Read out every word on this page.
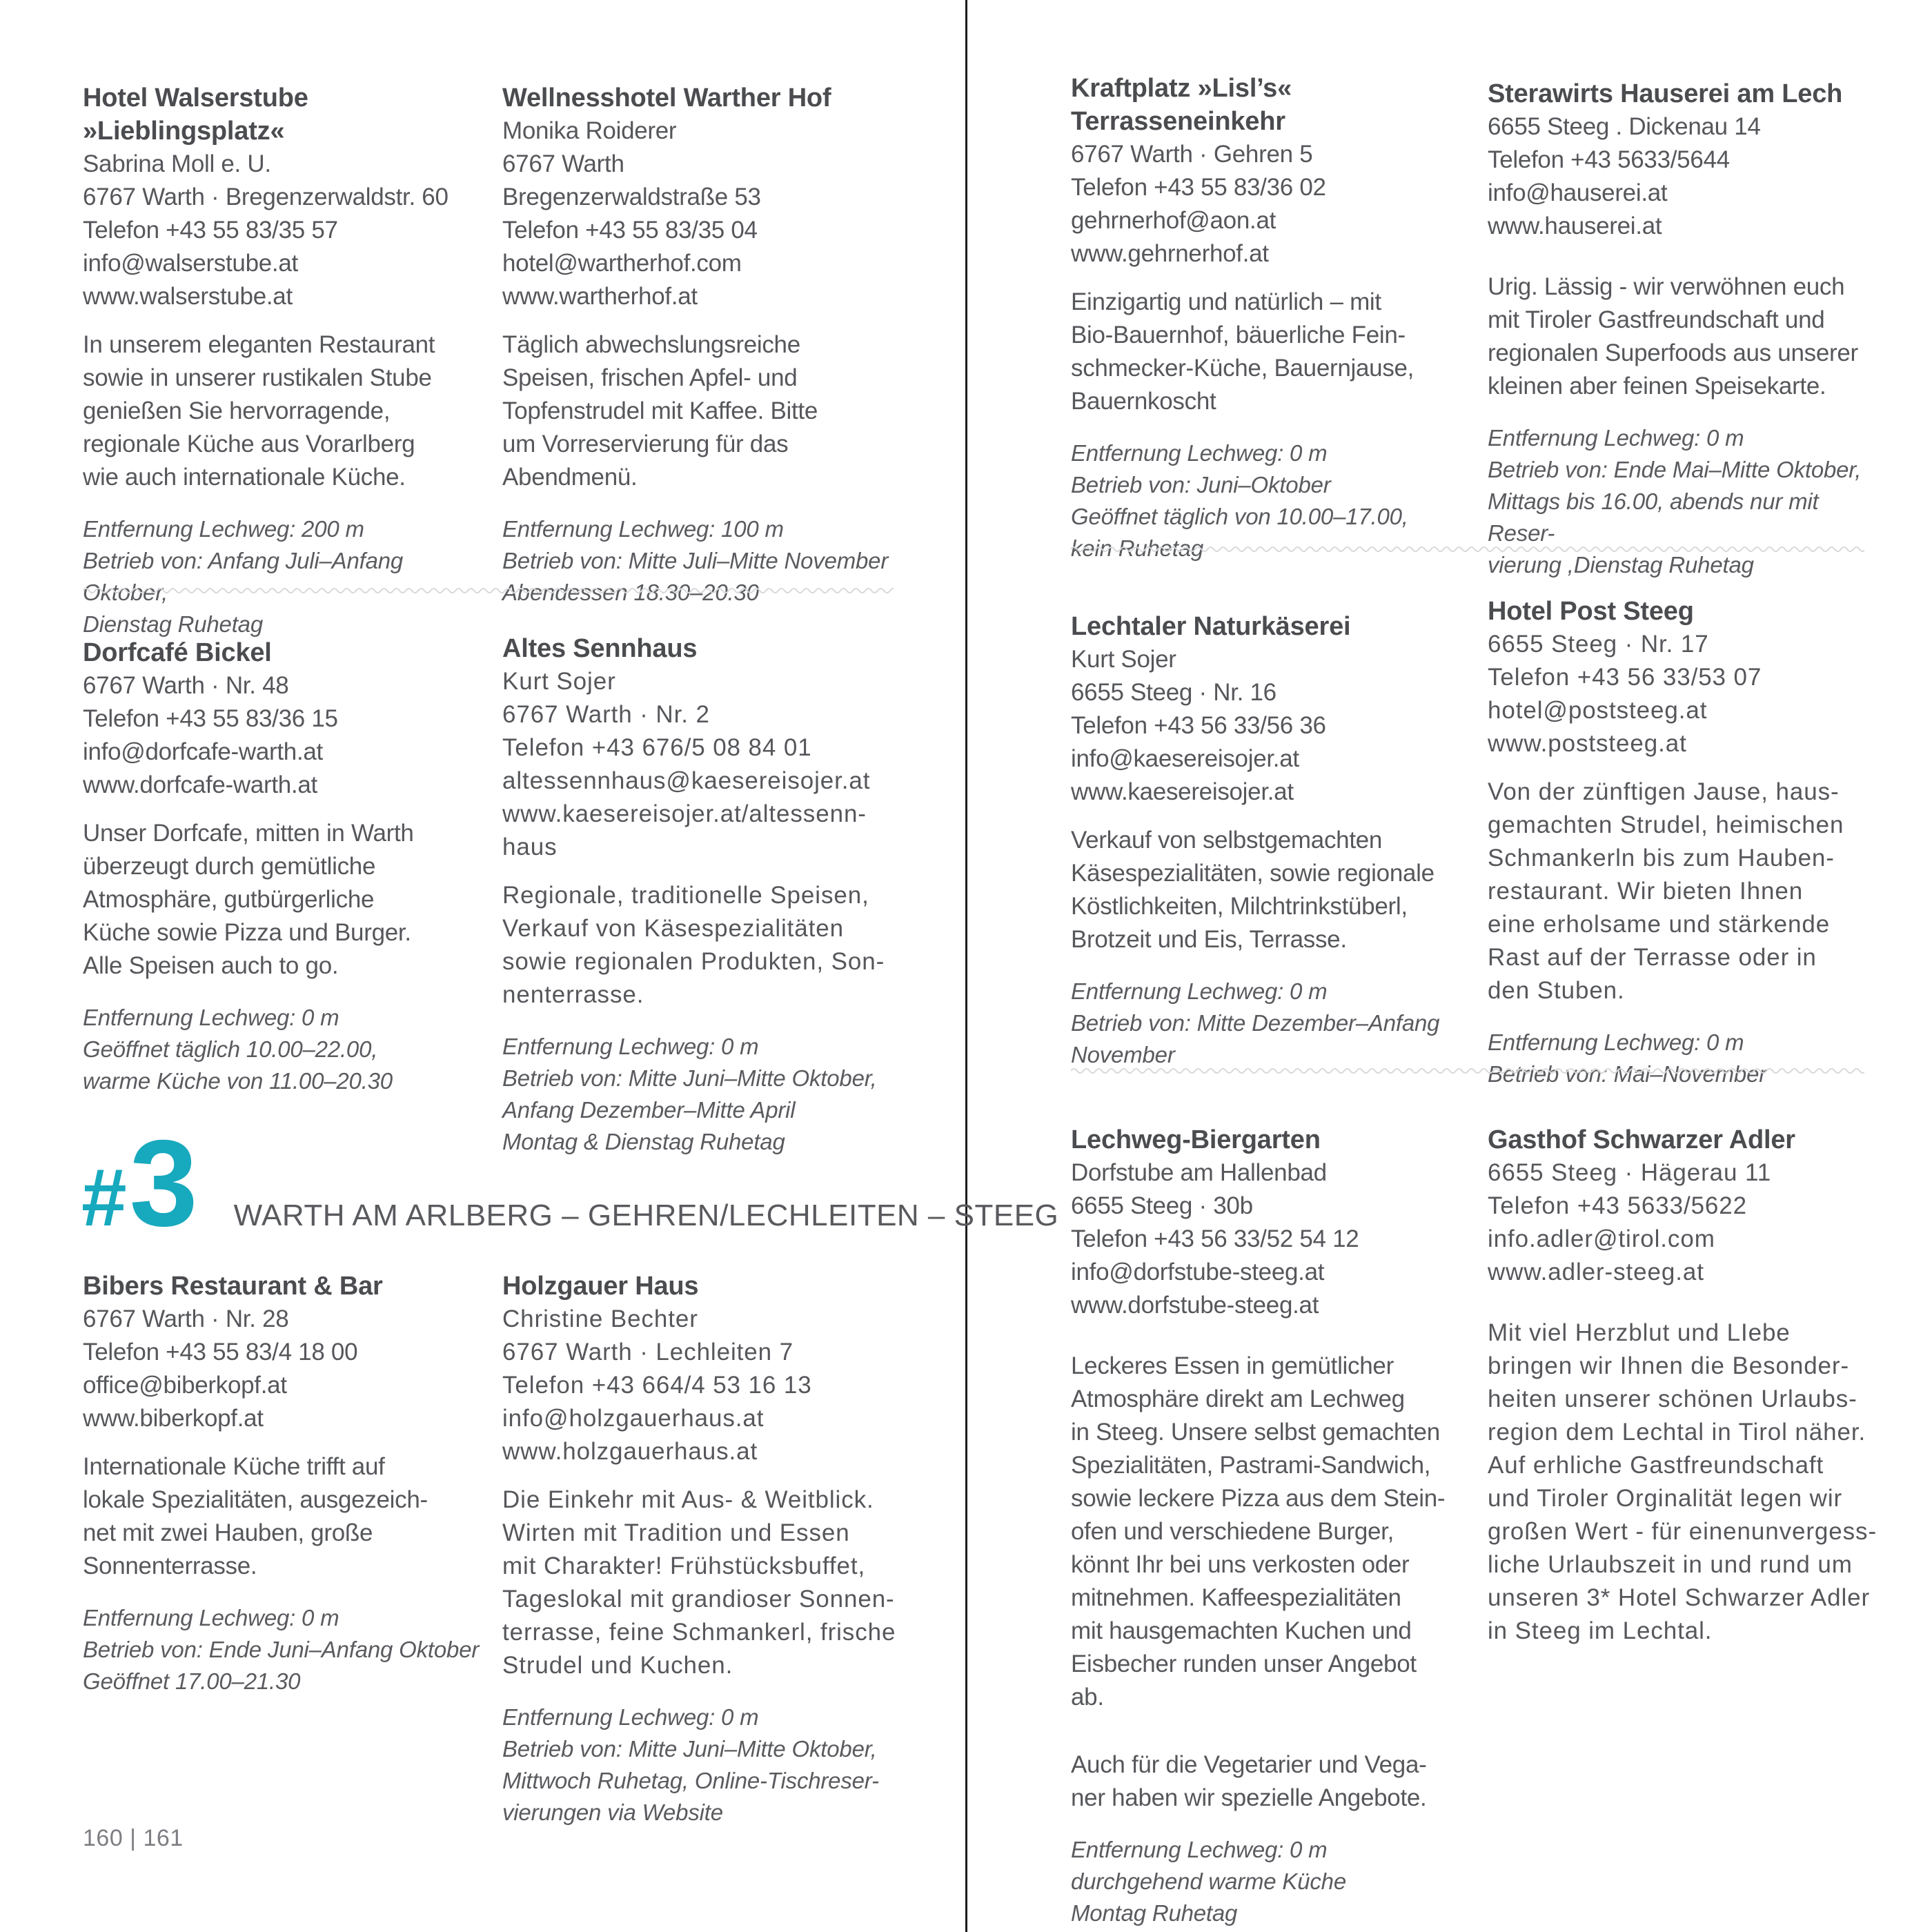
Hotel Walserstube
»Lieblingsplatz«
Sabrina Moll e. U.
6767 Warth · Bregenzerwaldstr. 60
Telefon +43 55 83/35 57
info@walserstube.at
www.walserstube.at
In unserem eleganten Restaurant
sowie in unserer rustikalen Stube
genießen Sie hervorragende,
regionale Küche aus Vorarlberg
wie auch internationale Küche.
Entfernung Lechweg: 200 m
Betrieb von: Anfang Juli–Anfang Oktober,
Dienstag Ruhetag
Wellnesshotel Warther Hof
Monika Roiderer
6767 Warth
Bregenzerwaldstraße 53
Telefon +43 55 83/35 04
hotel@wartherhof.com
www.wartherhof.at
Täglich abwechslungsreiche
Speisen, frischen Apfel- und
Topfenstrudel mit Kaffee. Bitte
um Vorreservierung für das
Abendmenü.
Entfernung Lechweg: 100 m
Betrieb von: Mitte Juli–Mitte November
Abendessen 18.30–20.30
Dorfcafé Bickel
6767 Warth · Nr. 48
Telefon +43 55 83/36 15
info@dorfcafe-warth.at
www.dorfcafe-warth.at
Unser Dorfcafe, mitten in Warth
überzeugt durch gemütliche
Atmosphäre, gutbürgerliche
Küche sowie Pizza und Burger.
Alle Speisen auch to go.
Entfernung Lechweg: 0 m
Geöffnet täglich 10.00–22.00,
warme Küche von 11.00–20.30
Altes Sennhaus
Kurt Sojer
6767 Warth · Nr. 2
Telefon +43 676/5 08 84 01
altessennhaus@kaesereisojer.at
www.kaesereisojer.at/altessenn-
haus
Regionale, traditionelle Speisen,
Verkauf von Käsespezialitäten
sowie regionalen Produkten, Son-
nenterrasse.
Entfernung Lechweg: 0 m
Betrieb von: Mitte Juni–Mitte Oktober,
Anfang Dezember–Mitte April
Montag & Dienstag Ruhetag
Bibers Restaurant & Bar
6767 Warth · Nr. 28
Telefon +43 55 83/4 18 00
office@biberkopf.at
www.biberkopf.at
Internationale Küche trifft auf
lokale Spezialitäten, ausgezeich-
net mit zwei Hauben, große
Sonnenterrasse.
Entfernung Lechweg: 0 m
Betrieb von: Ende Juni–Anfang Oktober
Geöffnet 17.00–21.30
Holzgauer Haus
Christine Bechter
6767 Warth · Lechleiten 7
Telefon +43 664/4 53 16 13
info@holzgauerhaus.at
www.holzgauerhaus.at
Die Einkehr mit Aus- & Weitblick.
Wirten mit Tradition und Essen
mit Charakter! Frühstücksbuffet,
Tageslokal mit grandioser Sonnen-
terrasse, feine Schmankerl, frische
Strudel und Kuchen.
Entfernung Lechweg: 0 m
Betrieb von: Mitte Juni–Mitte Oktober,
Mittwoch Ruhetag, Online-Tischreser-
vierungen via Website
Kraftplatz »Lisl’s«
Terrasseneinkehr
6767 Warth · Gehren 5
Telefon +43 55 83/36 02
gehrnerhof@aon.at
www.gehrnerhof.at
Einzigartig und natürlich – mit
Bio-Bauernhof, bäuerliche Fein-
schmecker-Küche, Bauernjause,
Bauernkoscht
Entfernung Lechweg: 0 m
Betrieb von: Juni–Oktober
Geöffnet täglich von 10.00–17.00,
kein Ruhetag
Sterawirts Hauserei am Lech
6655 Steeg . Dickenau 14
Telefon +43 5633/5644
info@hauserei.at
www.hauserei.at
Urig. Lässig - wir verwöhnen euch
mit Tiroler Gastfreundschaft und
regionalen Superfoods aus unserer
kleinen aber feinen Speisekarte.
Entfernung Lechweg: 0 m
Betrieb von: Ende Mai–Mitte Oktober,
Mittags bis 16.00, abends nur mit Reser-
vierung ,Dienstag Ruhetag
Lechtaler Naturkäserei
Kurt Sojer
6655 Steeg · Nr. 16
Telefon +43 56 33/56 36
info@kaesereisojer.at
www.kaesereisojer.at
Verkauf von selbstgemachten
Käsespezialitäten, sowie regionale
Köstlichkeiten, Milchtrinkstüberl,
Brotzeit und Eis, Terrasse.
Entfernung Lechweg: 0 m
Betrieb von: Mitte Dezember–Anfang
November
Hotel Post Steeg
6655 Steeg · Nr. 17
Telefon +43 56 33/53 07
hotel@poststeeg.at
www.poststeeg.at
Von der zünftigen Jause, haus-
gemachten Strudel, heimischen
Schmankerln bis zum Hauben-
restaurant. Wir bieten Ihnen
eine erholsame und stärkende
Rast auf der Terrasse oder in
den Stuben.
Entfernung Lechweg: 0 m
Betrieb von: Mai–November
Lechweg-Biergarten
Dorfstube am Hallenbad
6655 Steeg · 30b
Telefon +43 56 33/52 54 12
info@dorfstube-steeg.at
www.dorfstube-steeg.at
Leckeres Essen in gemütlicher
Atmosphäre direkt am Lechweg
in Steeg. Unsere selbst gemachten
Spezialitäten, Pastrami-Sandwich,
sowie leckere Pizza aus dem Stein-
ofen und verschiedene Burger,
könnt Ihr bei uns verkosten oder
mitnehmen. Kaffeespezialitäten
mit hausgemachten Kuchen und
Eisbecher runden unser Angebot
ab.
Auch für die Vegetarier und Vega-
ner haben wir spezielle Angebote.
Entfernung Lechweg: 0 m
durchgehend warme Küche
Montag Ruhetag
Gasthof Schwarzer Adler
6655 Steeg · Hägerau 11
Telefon +43 5633/5622
info.adler@tirol.com
www.adler-steeg.at
Mit viel Herzblut und LIebe
bringen wir Ihnen die Besonder-
heiten unserer schönen Urlaubs-
region dem Lechtal in Tirol näher.
Auf erhliche Gastfreundschaft
und Tiroler Orginalität legen wir
großen Wert - für einenunvergess-
liche Urlaubszeit in und rund um
unseren 3* Hotel Schwarzer Adler
in Steeg im Lechtal.
# 3 WARTH AM ARLBERG – GEHREN/LECHLEITEN – STEEG
160 | 161
